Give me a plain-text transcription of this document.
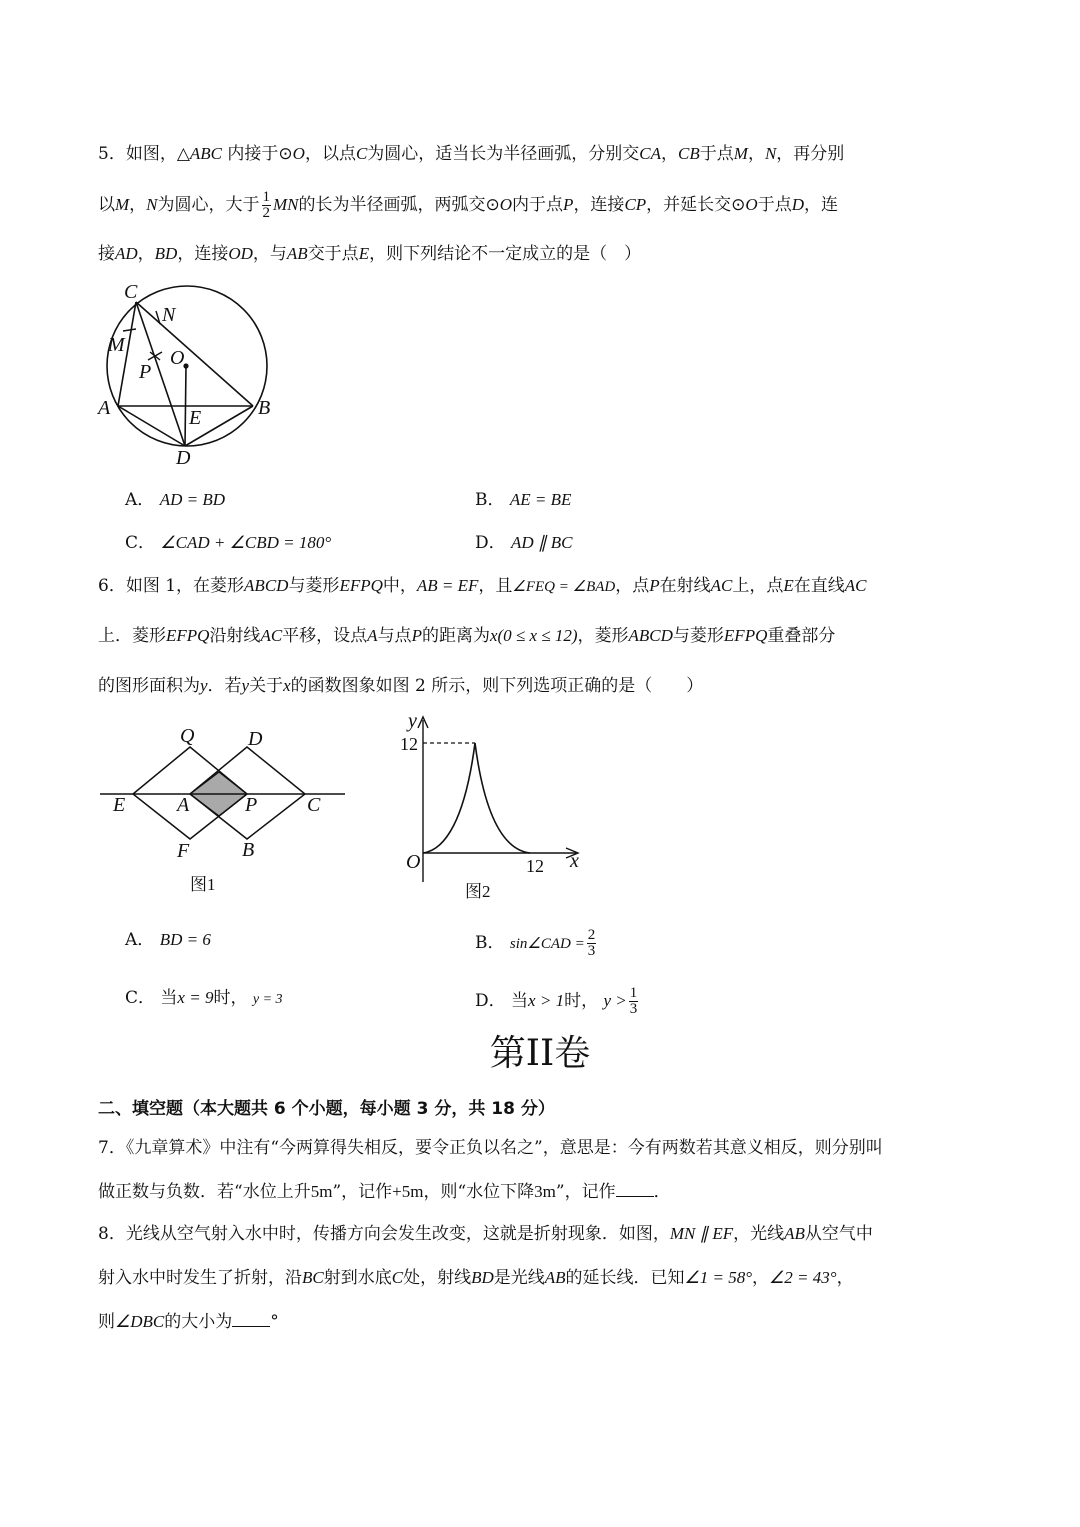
5．如图，△ABC 内接于⊙O，以点C为圆心，适当长为半径画弧，分别交CA，CB于点M，N，再分别
以M，N为圆心，大于 $\frac{1}{2}$ MN的长为半径画弧，两弧交⊙O内于点P，连接CP，并延长交⊙O于点D，连
接AD，BD，连接OD，与AB交于点E，则下列结论不一定成立的是（　）
C
N
M
P
O
A	B
E
D
A． AD = BD	B． AE = BE
C． ∠CAD + ∠CBD = 180°	D． AD ∥ BC
6．如图 1，在菱形ABCD与菱形EFPQ中，AB = EF，且∠FEQ = ∠BAD，点P在射线AC上，点E在直线AC
上．菱形EFPQ沿射线AC平移，设点A与点P的距离为x(0 ≤ x ≤ 12)，菱形ABCD与菱形EFPQ重叠部分
的图形面积为y．若y关于x的函数图象如图 2 所示，则下列选项正确的是（　　）
Q	D
E	A	P C
F	B
图1
y
x
O
12
12
图2
A． BD = 6	B． sin∠CAD = $\frac{2}{3}$
C． 当x = 9时， y = 3	D． 当x > 1时， $y > \frac{1}{3}$
第II卷
二、填空题（本大题共 6 个小题，每小题 3 分，共 18 分）
7．《九章算术》中注有“今两算得失相反，要令正负以名之”，意思是：今有两数若其意义相反，则分别叫
做正数与负数．若“水位上升5m”，记作+5m，则“水位下降3m”，记作 ．
8．光线从空气射入水中时，传播方向会发生改变，这就是折射现象．如图，MN ∥ EF，光线AB从空气中
射入水中时发生了折射，沿BC射到水底C处，射线BD是光线AB的延长线．已知∠1 = 58°，∠2 = 43°，
则∠DBC的大小为 °
